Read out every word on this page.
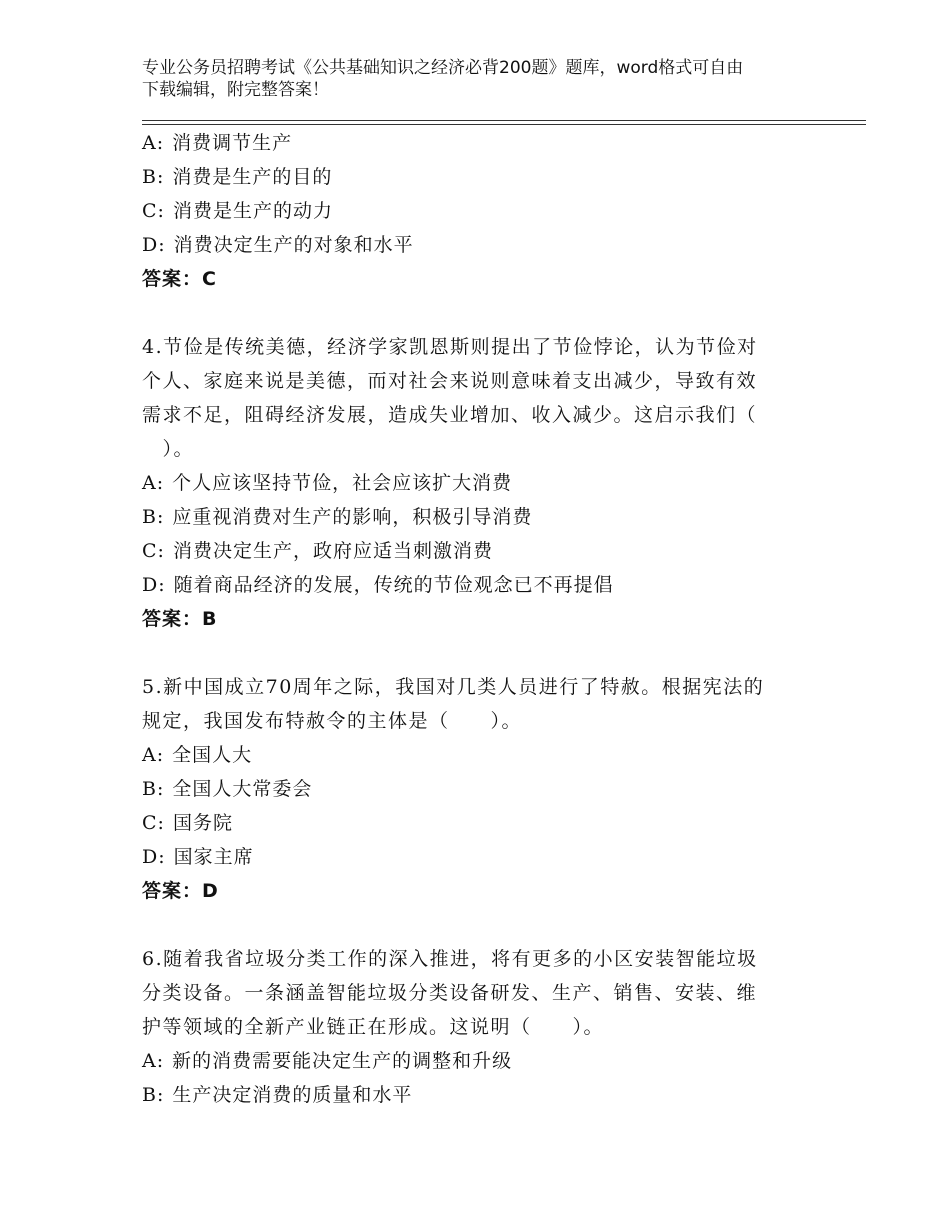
专业公务员招聘考试《公共基础知识之经济必背200题》题库，word格式可自由
下载编辑，附完整答案！
A: 消费调节生产
B: 消费是生产的目的
C: 消费是生产的动力
D: 消费决定生产的对象和水平
答案：C
4.节俭是传统美德，经济学家凯恩斯则提出了节俭悖论，认为节俭对
个人、家庭来说是美德，而对社会来说则意味着支出减少，导致有效
需求不足，阻碍经济发展，造成失业增加、收入减少。这启示我们（
　）。
A: 个人应该坚持节俭，社会应该扩大消费
B: 应重视消费对生产的影响，积极引导消费
C: 消费决定生产，政府应适当刺激消费
D: 随着商品经济的发展，传统的节俭观念已不再提倡
答案：B
5.新中国成立70周年之际，我国对几类人员进行了特赦。根据宪法的
规定，我国发布特赦令的主体是（　　）。
A: 全国人大
B: 全国人大常委会
C: 国务院
D: 国家主席
答案：D
6.随着我省垃圾分类工作的深入推进，将有更多的小区安装智能垃圾
分类设备。一条涵盖智能垃圾分类设备研发、生产、销售、安装、维
护等领域的全新产业链正在形成。这说明（　　）。
A: 新的消费需要能决定生产的调整和升级
B: 生产决定消费的质量和水平
